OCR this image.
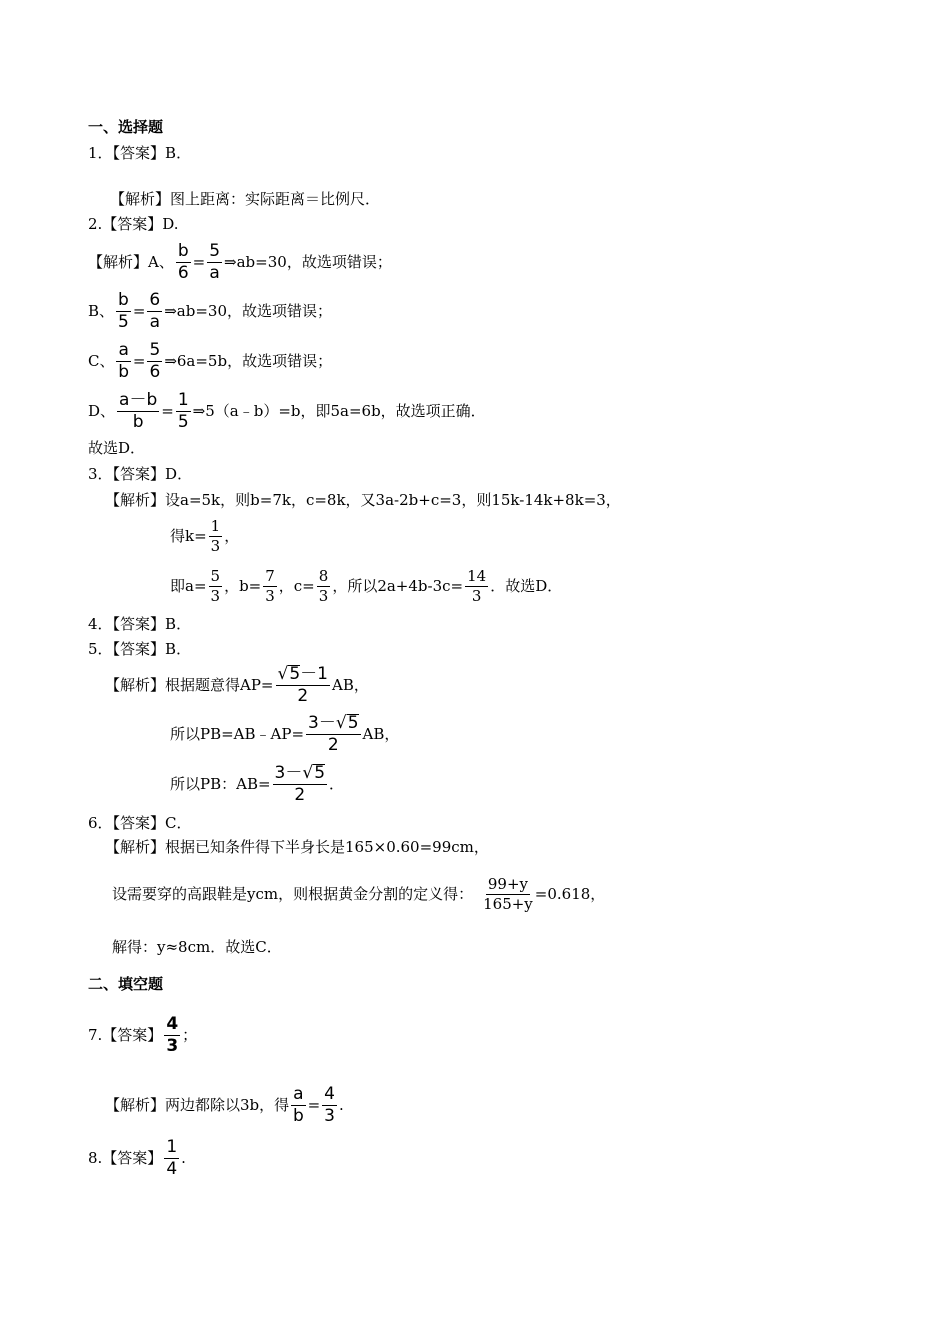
一、选择题
1．【答案】B．
【解析】图上距离：实际距离＝比例尺．
2.【答案】D.
【解析】A、 $\frac{b}{6} = \frac{5}{a}$ ⇒ab=30，故选项错误；
B、 $\frac{b}{5} = \frac{6}{a}$ ⇒ab=30，故选项错误；
C、 $\frac{a}{b} = \frac{5}{6}$ ⇒6a=5b，故选项错误；
D、 $\frac{a-b}{b} = \frac{1}{5}$ ⇒5（a﹣b）=b，即5a=6b，故选项正确．
故选D．
3．【答案】D．
【解析】设a=5k，则b=7k，c=8k，又3a-2b+c=3，则15k-14k+8k=3，
得$k= \frac{1}{3}$ ，
即$a= \frac{5}{3}$ ，$b= \frac{7}{3}$ ，$c= \frac{8}{3}$ ，所以$2a+4b-3c= \frac{14}{3}$ ．故选D．
4．【答案】B．
5．【答案】B．
【解析】根据题意得$AP= \frac{√ 5 -1}{2}$ AB，
所以PB=AB﹣AP= $\frac{3- √ 5}{2}$ AB，
所以PB：$AB= \frac{3- √ 5}{2}$ ．
6．【答案】C．
【解析】根据已知条件得下半身长是165×0.60=99cm，
设需要穿的高跟鞋是ycm，则根据黄金分割的定义得： $\frac{99+y}{165+y} =0.618$，
解得：y≈8cm．故选C．
二、填空题
7.【答案】 $\frac{4}{3}$ ；
【解析】两边都除以3b，得 $\frac{a}{b} = \frac{4}{3}$ .
8.【答案】 $\frac{1}{4}$ .
